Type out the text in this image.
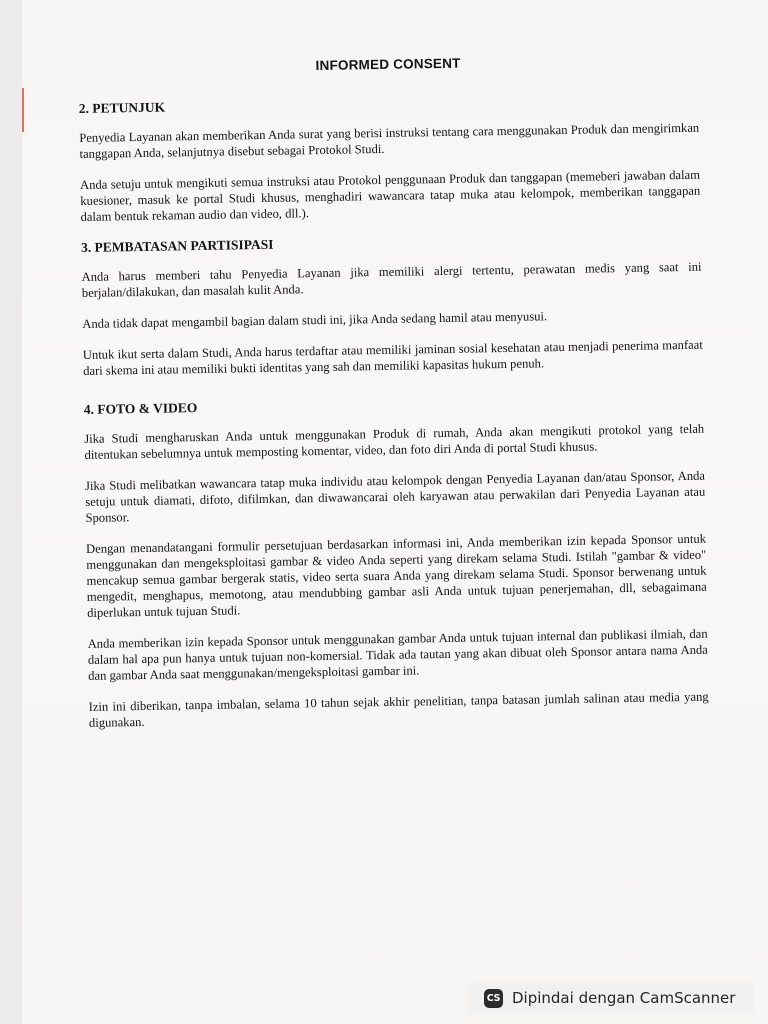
INFORMED CONSENT
2. PETUNJUK

Penyedia Layanan akan memberikan Anda surat yang berisi instruksi tentang cara menggunakan Produk dan mengirimkan tanggapan Anda, selanjutnya disebut sebagai Protokol Studi.

Anda setuju untuk mengikuti semua instruksi atau Protokol penggunaan Produk dan tanggapan (memeberi jawaban dalam kuesioner, masuk ke portal Studi khusus, menghadiri wawancara tatap muka atau kelompok, memberikan tanggapan dalam bentuk rekaman audio dan video, dll.).

3. PEMBATASAN PARTISIPASI

Anda harus memberi tahu Penyedia Layanan jika memiliki alergi tertentu, perawatan medis yang saat ini berjalan/dilakukan, dan masalah kulit Anda.

Anda tidak dapat mengambil bagian dalam studi ini, jika Anda sedang hamil atau menyusui.

Untuk ikut serta dalam Studi, Anda harus terdaftar atau memiliki jaminan sosial kesehatan atau menjadi penerima manfaat dari skema ini atau memiliki bukti identitas yang sah dan memiliki kapasitas hukum penuh.

4. FOTO & VIDEO

Jika Studi mengharuskan Anda untuk menggunakan Produk di rumah, Anda akan mengikuti protokol yang telah ditentukan sebelumnya untuk memposting komentar, video, dan foto diri Anda di portal Studi khusus.

Jika Studi melibatkan wawancara tatap muka individu atau kelompok dengan Penyedia Layanan dan/atau Sponsor, Anda setuju untuk diamati, difoto, difilmkan, dan diwawancarai oleh karyawan atau perwakilan dari Penyedia Layanan atau Sponsor.

Dengan menandatangani formulir persetujuan berdasarkan informasi ini, Anda memberikan izin kepada Sponsor untuk menggunakan dan mengeksploitasi gambar & video Anda seperti yang direkam selama Studi. Istilah "gambar & video" mencakup semua gambar bergerak statis, video serta suara Anda yang direkam selama Studi. Sponsor berwenang untuk mengedit, menghapus, memotong, atau mendubbing gambar asli Anda untuk tujuan penerjemahan, dll, sebagaimana diperlukan untuk tujuan Studi.

Anda memberikan izin kepada Sponsor untuk menggunakan gambar Anda untuk tujuan internal dan publikasi ilmiah, dan dalam hal apa pun hanya untuk tujuan non-komersial. Tidak ada tautan yang akan dibuat oleh Sponsor antara nama Anda dan gambar Anda saat menggunakan/mengeksploitasi gambar ini.

Izin ini diberikan, tanpa imbalan, selama 10 tahun sejak akhir penelitian, tanpa batasan jumlah salinan atau media yang digunakan.

CS Dipindai dengan CamScanner
